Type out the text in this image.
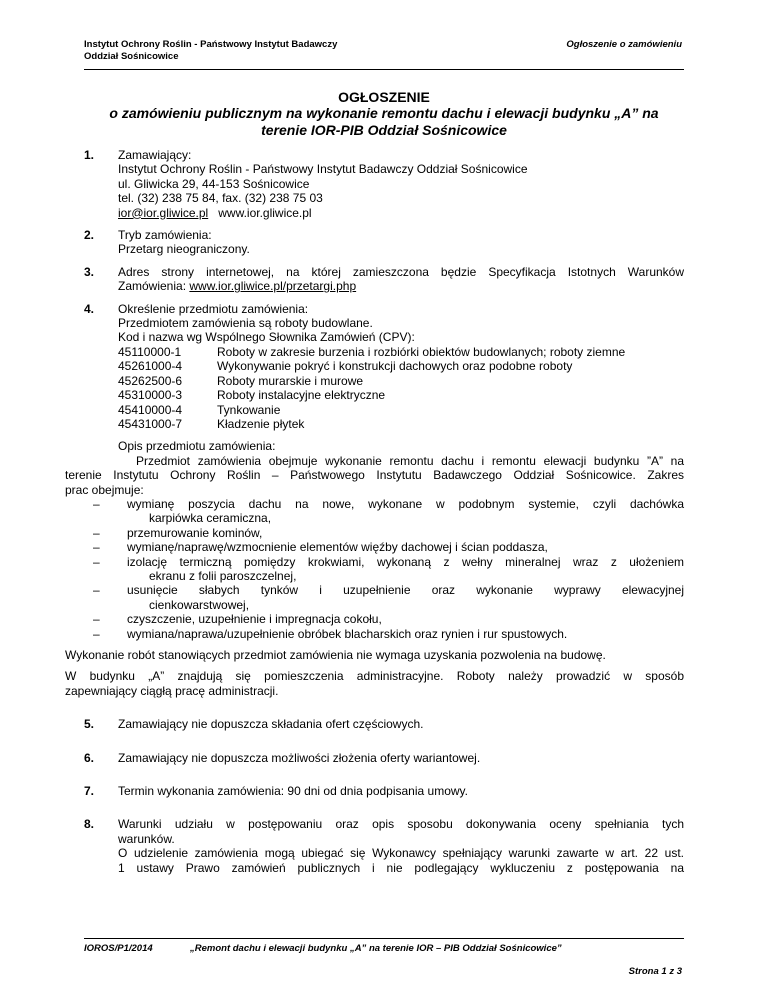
Instytut Ochrony Roślin - Państwowy Instytut Badawczy
Oddział Sośnicowice
Ogłoszenie o zamówieniu
OGŁOSZENIE
o zamówieniu publicznym na wykonanie remontu dachu i elewacji budynku „A” na
terenie IOR-PIB Oddział Sośnicowice
1. Zamawiający:
Instytut Ochrony Roślin - Państwowy Instytut Badawczy Oddział Sośnicowice
ul. Gliwicka 29, 44-153 Sośnicowice
tel. (32) 238 75 84, fax. (32) 238 75 03
ior@ior.gliwice.pl www.ior.gliwice.pl
2. Tryb zamówienia:
Przetarg nieograniczony.
3. Adres strony internetowej, na której zamieszczona będzie Specyfikacja Istotnych Warunków
Zamówienia: www.ior.gliwice.pl/przetargi.php
4. Określenie przedmiotu zamówienia:
Przedmiotem zamówienia są roboty budowlane.
Kod i nazwa wg Wspólnego Słownika Zamówień (CPV):
45110000-1	Roboty w zakresie burzenia i rozbiórki obiektów budowlanych; roboty ziemne
45261000-4	Wykonywanie pokryć i konstrukcji dachowych oraz podobne roboty
45262500-6	Roboty murarskie i murowe
45310000-3	Roboty instalacyjne elektryczne
45410000-4	Tynkowanie
45431000-7	Kładzenie płytek
Opis przedmiotu zamówienia:
Przedmiot zamówienia obejmuje wykonanie remontu dachu i remontu elewacji budynku ”A” na
terenie Instytutu Ochrony Roślin – Państwowego Instytutu Badawczego Oddział Sośnicowice. Zakres
prac obejmuje:
– wymianę poszycia dachu na nowe, wykonane w podobnym systemie, czyli dachówka
karpiówka ceramiczna,
– przemurowanie kominów,
– wymianę/naprawę/wzmocnienie elementów więźby dachowej i ścian poddasza,
– izolację termiczną pomiędzy krokwiami, wykonaną z wełny mineralnej wraz z ułożeniem
ekranu z folii paroszczelnej,
– usunięcie słabych tynków i uzupełnienie oraz wykonanie wyprawy elewacyjnej
cienkowarstwowej,
– czyszczenie, uzupełnienie i impregnacja cokołu,
– wymiana/naprawa/uzupełnienie obróbek blacharskich oraz rynien i rur spustowych.
Wykonanie robót stanowiących przedmiot zamówienia nie wymaga uzyskania pozwolenia na budowę.
W budynku „A” znajdują się pomieszczenia administracyjne. Roboty należy prowadzić w sposób
zapewniający ciągłą pracę administracji.
5. Zamawiający nie dopuszcza składania ofert częściowych.
6. Zamawiający nie dopuszcza możliwości złożenia oferty wariantowej.
7. Termin wykonania zamówienia: 90 dni od dnia podpisania umowy.
8. Warunki udziału w postępowaniu oraz opis sposobu dokonywania oceny spełniania tych
warunków.
O udzielenie zamówienia mogą ubiegać się Wykonawcy spełniający warunki zawarte w art. 22 ust.
1 ustawy Prawo zamówień publicznych i nie podlegający wykluczeniu z postępowania na
IOROS/P1/2014	„Remont dachu i elewacji budynku „A” na terenie IOR – PIB Oddział Sośnicowice”
Strona 1 z 3
